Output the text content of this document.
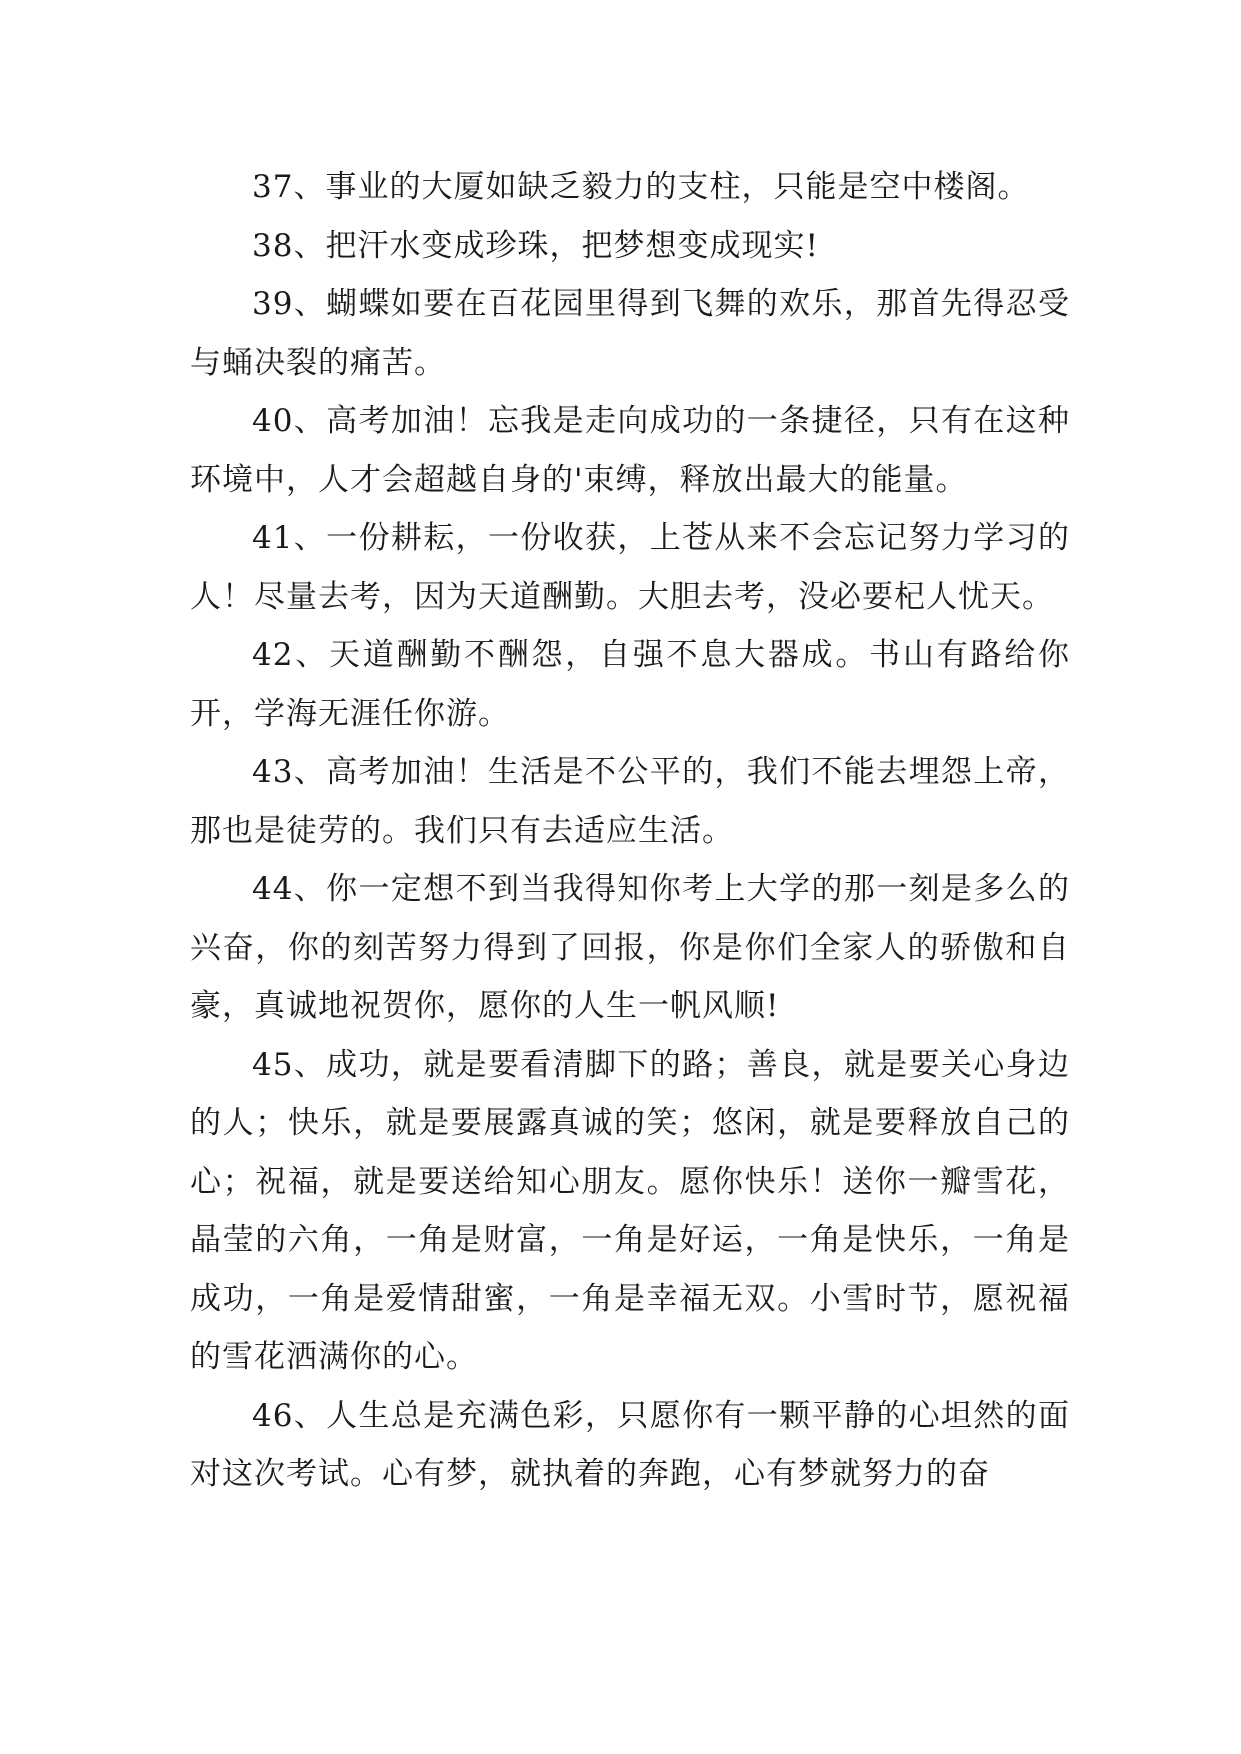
37、事业的大厦如缺乏毅力的支柱，只能是空中楼阁。

38、把汗水变成珍珠，把梦想变成现实!

39、蝴蝶如要在百花园里得到飞舞的欢乐，那首先得忍受与蛹决裂的痛苦。

40、高考加油！忘我是走向成功的一条捷径，只有在这种环境中，人才会超越自身的'束缚，释放出最大的能量。

41、一份耕耘，一份收获，上苍从来不会忘记努力学习的人！尽量去考，因为天道酬勤。大胆去考，没必要杞人忧天。

42、天道酬勤不酬怨，自强不息大器成。书山有路给你开，学海无涯任你游。

43、高考加油！生活是不公平的，我们不能去埋怨上帝，那也是徒劳的。我们只有去适应生活。

44、你一定想不到当我得知你考上大学的那一刻是多么的兴奋，你的刻苦努力得到了回报，你是你们全家人的骄傲和自豪，真诚地祝贺你，愿你的人生一帆风顺!

45、成功，就是要看清脚下的路；善良，就是要关心身边的人；快乐，就是要展露真诚的笑；悠闲，就是要释放自己的心；祝福，就是要送给知心朋友。愿你快乐！送你一瓣雪花，晶莹的六角，一角是财富，一角是好运，一角是快乐，一角是成功，一角是爱情甜蜜，一角是幸福无双。小雪时节，愿祝福的雪花洒满你的心。

46、人生总是充满色彩，只愿你有一颗平静的心坦然的面对这次考试。心有梦，就执着的奔跑，心有梦就努力的奋
